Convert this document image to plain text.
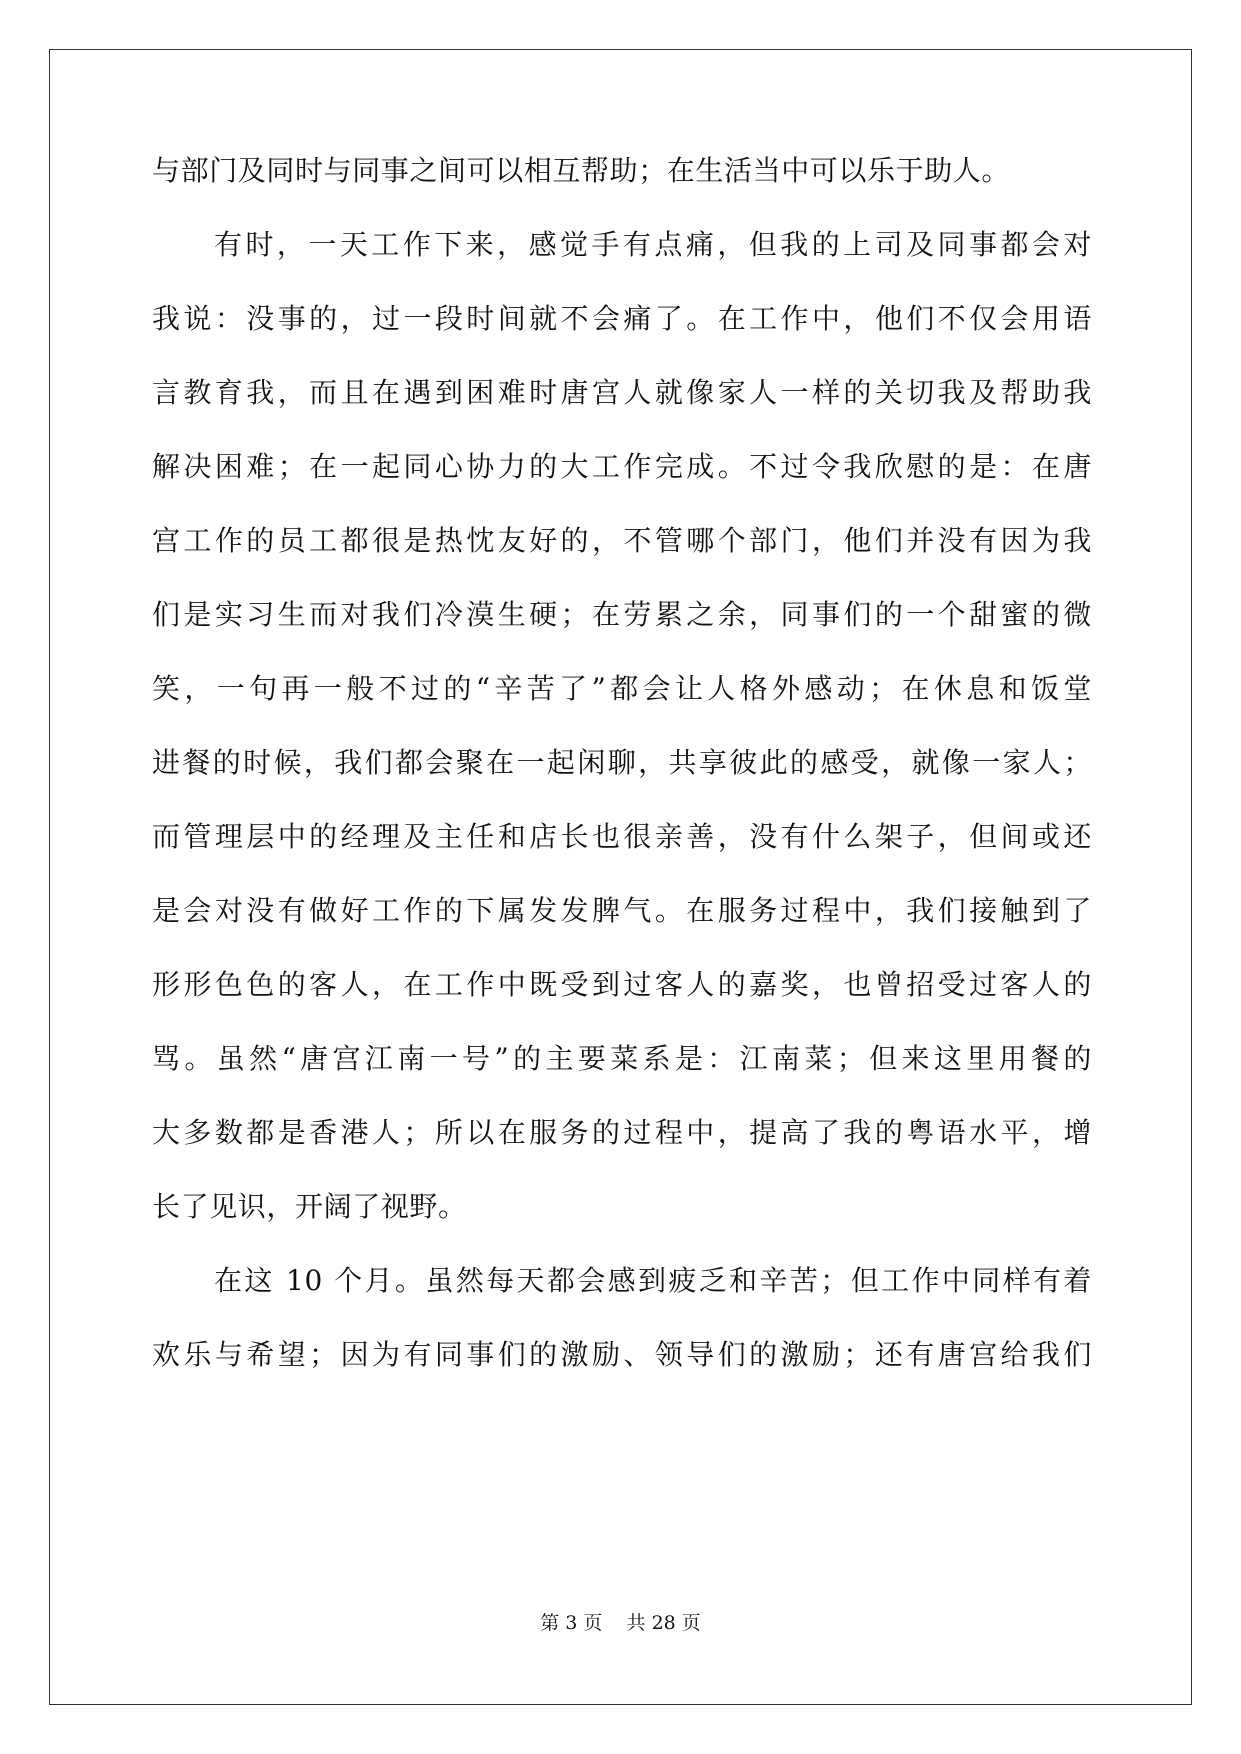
与部门及同时与同事之间可以相互帮助；在生活当中可以乐于助人。
有时，一天工作下来，感觉手有点痛，但我的上司及同事都会对
我说：没事的，过一段时间就不会痛了。在工作中，他们不仅会用语
言教育我，而且在遇到困难时唐宫人就像家人一样的关切我及帮助我
解决困难；在一起同心协力的大工作完成。不过令我欣慰的是：在唐
宫工作的员工都很是热忱友好的，不管哪个部门，他们并没有因为我
们是实习生而对我们冷漠生硬；在劳累之余，同事们的一个甜蜜的微
笑，一句再一般不过的“辛苦了”都会让人格外感动；在休息和饭堂
进餐的时候，我们都会聚在一起闲聊，共享彼此的感受，就像一家人；
而管理层中的经理及主任和店长也很亲善，没有什么架子，但间或还
是会对没有做好工作的下属发发脾气。在服务过程中，我们接触到了
形形色色的客人，在工作中既受到过客人的嘉奖，也曾招受过客人的
骂。虽然“唐宫江南一号”的主要菜系是：江南菜；但来这里用餐的
大多数都是香港人；所以在服务的过程中，提高了我的粤语水平，增
长了见识，开阔了视野。
在这 10 个月。虽然每天都会感到疲乏和辛苦；但工作中同样有着
欢乐与希望；因为有同事们的激励、领导们的激励；还有唐宫给我们
第 3 页    共 28 页
